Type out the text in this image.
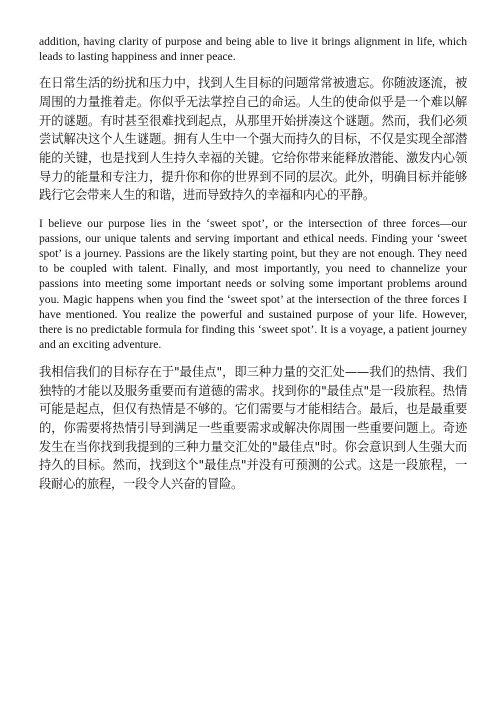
addition, having clarity of purpose and being able to live it brings alignment in life, which leads to lasting happiness and inner peace.

在日常生活的纷扰和压力中，找到人生目标的问题常常被遗忘。你随波逐流，被周围的力量推着走。你似乎无法掌控自己的命运。人生的使命似乎是一个难以解开的谜题。有时甚至很难找到起点，从那里开始拼凑这个谜题。然而，我们必须尝试解决这个人生谜题。拥有人生中一个强大而持久的目标，不仅是实现全部潜能的关键，也是找到人生持久幸福的关键。它给你带来能释放潜能、激发内心领导力的能量和专注力，提升你和你的世界到不同的层次。此外，明确目标并能够践行它会带来人生的和谐，进而导致持久的幸福和内心的平静。

I believe our purpose lies in the ‘sweet spot’, or the intersection of three forces—our passions, our unique talents and serving important and ethical needs. Finding your ‘sweet spot’ is a journey. Passions are the likely starting point, but they are not enough. They need to be coupled with talent. Finally, and most importantly, you need to channelize your passions into meeting some important needs or solving some important problems around you. Magic happens when you find the ‘sweet spot’ at the intersection of the three forces I have mentioned. You realize the powerful and sustained purpose of your life. However, there is no predictable formula for finding this ‘sweet spot’. It is a voyage, a patient journey and an exciting adventure.

我相信我们的目标存在于"最佳点"，即三种力量的交汇处——我们的热情、我们独特的才能以及服务重要而有道德的需求。找到你的"最佳点"是一段旅程。热情可能是起点，但仅有热情是不够的。它们需要与才能相结合。最后，也是最重要的，你需要将热情引导到满足一些重要需求或解决你周围一些重要问题上。奇迹发生在当你找到我提到的三种力量交汇处的"最佳点"时。你会意识到人生强大而持久的目标。然而，找到这个"最佳点"并没有可预测的公式。这是一段旅程，一段耐心的旅程，一段令人兴奋的冒险。
